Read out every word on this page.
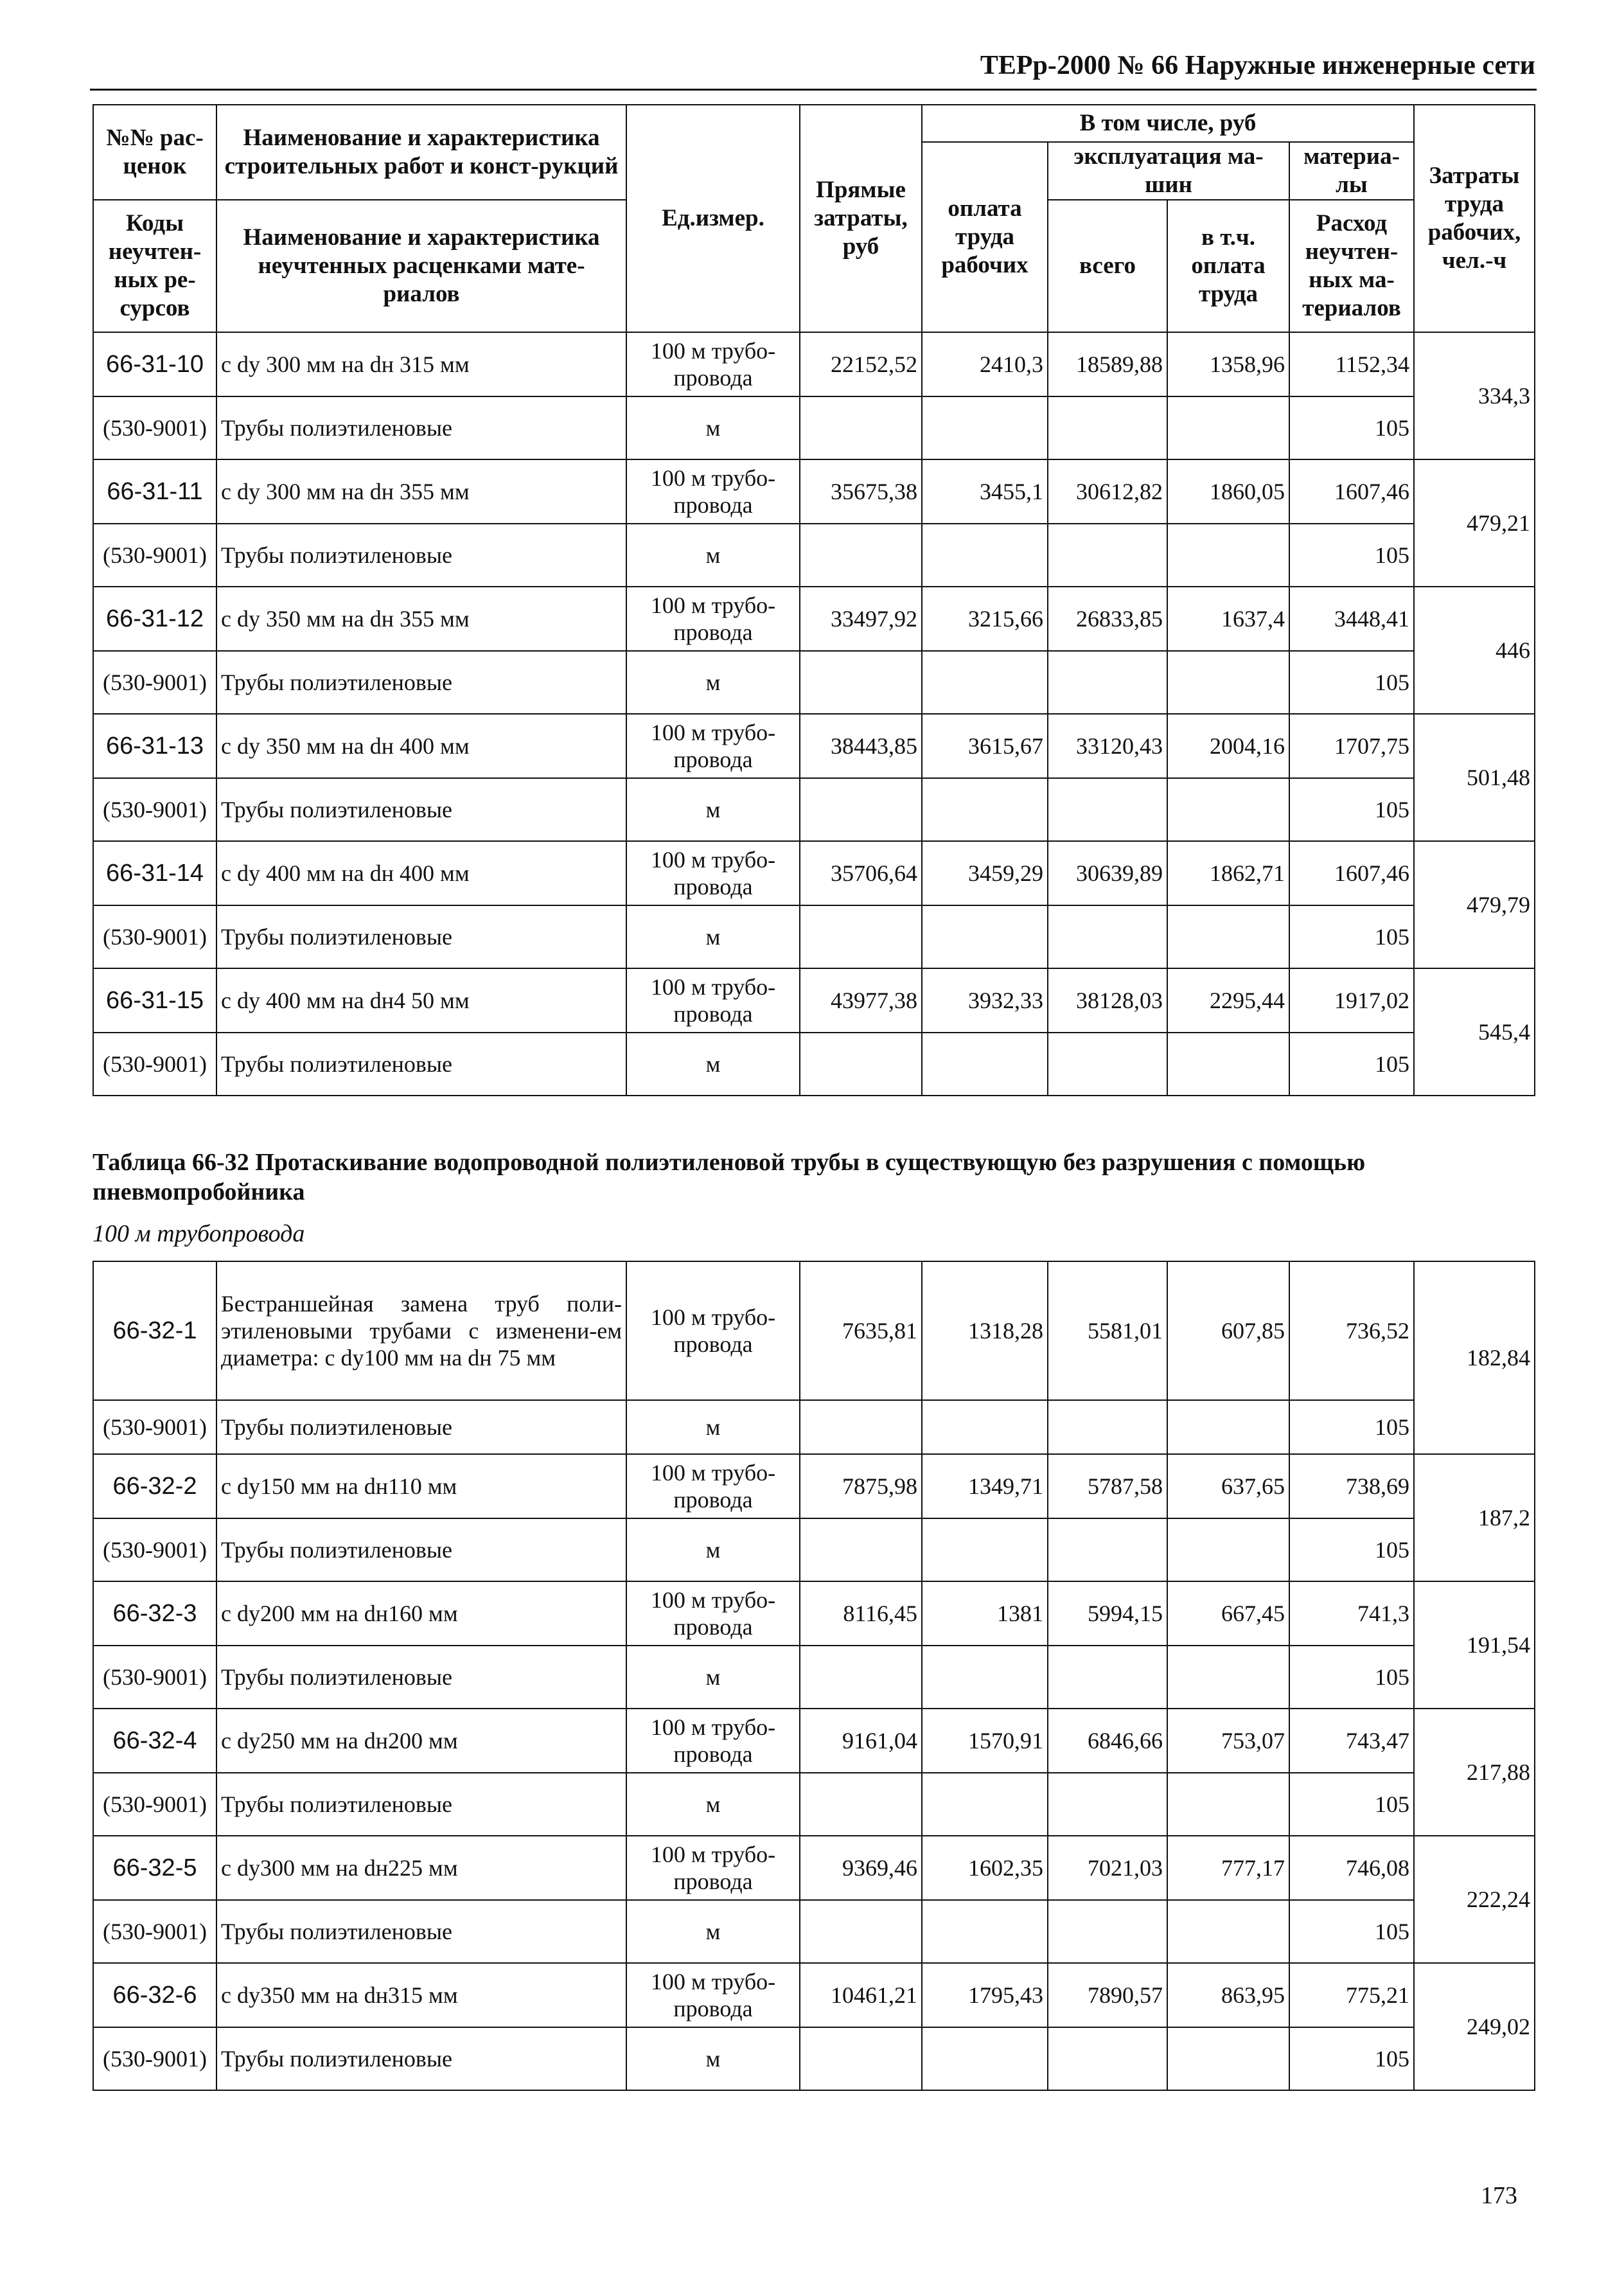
ТЕРр-2000 № 66 Наружные инженерные сети
№№ рас-ценок	Наименование и характеристика строительных работ и конст-рукций	Ед.измер.	Прямые затраты, руб	В том числе, руб				Затраты труда рабочих, чел.-ч
				оплата труда рабочих	эксплуатация ма-шин		материа-лы	
Коды неучтен-ных ре-сурсов	Наименование и характеристика неучтенных расценками мате-риалов				всего	в т.ч. оплата труда	Расход неучтен-ных ма-териалов	

66-31-10	с dу 300 мм на dн 315 мм	100 м трубо-провода	22152,52	2410,3	18589,88	1358,96	1152,34	334,3
(530-9001)	Трубы полиэтиленовые	м					105	
66-31-11	с dу 300 мм на dн 355 мм	100 м трубо-провода	35675,38	3455,1	30612,82	1860,05	1607,46	479,21
(530-9001)	Трубы полиэтиленовые	м					105	
66-31-12	с dу 350 мм на dн 355 мм	100 м трубо-провода	33497,92	3215,66	26833,85	1637,4	3448,41	446
(530-9001)	Трубы полиэтиленовые	м					105	
66-31-13	с dу 350 мм на dн 400 мм	100 м трубо-провода	38443,85	3615,67	33120,43	2004,16	1707,75	501,48
(530-9001)	Трубы полиэтиленовые	м					105	
66-31-14	с dу 400 мм на dн 400 мм	100 м трубо-провода	35706,64	3459,29	30639,89	1862,71	1607,46	479,79
(530-9001)	Трубы полиэтиленовые	м					105	
66-31-15	с dу 400 мм на dн4 50 мм	100 м трубо-провода	43977,38	3932,33	38128,03	2295,44	1917,02	545,4
(530-9001)	Трубы полиэтиленовые	м					105	
Таблица 66-32 Протаскивание водопроводной полиэтиленовой трубы в существующую без разрушения с помощью пневмопробойника
100 м трубопровода
66-32-1	Бестраншейная замена труб поли-этиленовыми трубами с изменени-ем диаметра: с dу100 мм на dн 75 мм	100 м трубо-провода	7635,81	1318,28	5581,01	607,85	736,52	182,84
(530-9001)	Трубы полиэтиленовые	м					105	
66-32-2	с dу150 мм на dн110 мм	100 м трубо-провода	7875,98	1349,71	5787,58	637,65	738,69	187,2
(530-9001)	Трубы полиэтиленовые	м					105	
66-32-3	с dу200 мм на dн160 мм	100 м трубо-провода	8116,45	1381	5994,15	667,45	741,3	191,54
(530-9001)	Трубы полиэтиленовые	м					105	
66-32-4	с dу250 мм на dн200 мм	100 м трубо-провода	9161,04	1570,91	6846,66	753,07	743,47	217,88
(530-9001)	Трубы полиэтиленовые	м					105	
66-32-5	с dу300 мм на dн225 мм	100 м трубо-провода	9369,46	1602,35	7021,03	777,17	746,08	222,24
(530-9001)	Трубы полиэтиленовые	м					105	
66-32-6	с dу350 мм на dн315 мм	100 м трубо-провода	10461,21	1795,43	7890,57	863,95	775,21	249,02
(530-9001)	Трубы полиэтиленовые	м					105	
173
